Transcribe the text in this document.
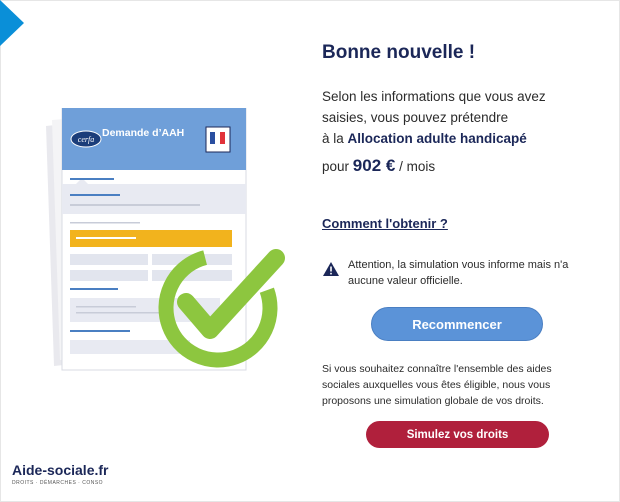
cerfa
Demande d’AAH
Bonne nouvelle !
Selon les informations que vous avez
saisies, vous pouvez prétendre
à la Allocation adulte handicapé
pour 902 € / mois
Comment l'obtenir ?
Attention, la simulation vous informe mais n'a aucune valeur officielle.
Recommencer
Si vous souhaitez connaître l'ensemble des aides sociales auxquelles vous êtes éligible, nous vous proposons une simulation globale de vos droits.
Simulez vos droits
Aide-sociale.fr
DROITS · DÉMARCHES · CONSO
